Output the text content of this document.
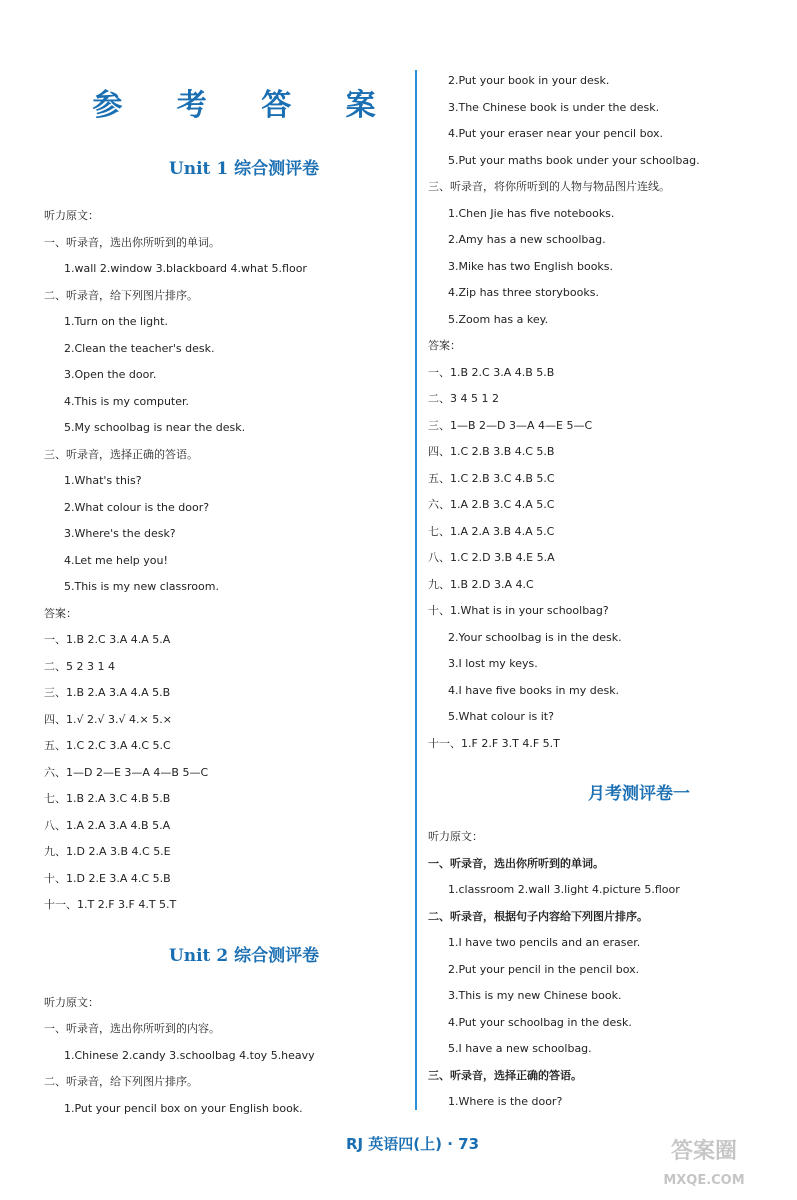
参 考 答 案
Unit 1 综合测评卷
听力原文：
一、听录音，选出你所听到的单词。
1.wall 2.window 3.blackboard 4.what 5.floor
二、听录音，给下列图片排序。
1.Turn on the light.
2.Clean the teacher's desk.
3.Open the door.
4.This is my computer.
5.My schoolbag is near the desk.
三、听录音，选择正确的答语。
1.What's this?
2.What colour is the door?
3.Where's the desk?
4.Let me help you!
5.This is my new classroom.
答案：
一、1.B 2.C 3.A 4.A 5.A
二、5 2 3 1 4
三、1.B 2.A 3.A 4.A 5.B
四、1.√ 2.√ 3.√ 4.× 5.×
五、1.C 2.C 3.A 4.C 5.C
六、1—D 2—E 3—A 4—B 5—C
七、1.B 2.A 3.C 4.B 5.B
八、1.A 2.A 3.A 4.B 5.A
九、1.D 2.A 3.B 4.C 5.E
十、1.D 2.E 3.A 4.C 5.B
十一、1.T 2.F 3.F 4.T 5.T
Unit 2 综合测评卷
听力原文：
一、听录音，选出你所听到的内容。
1.Chinese 2.candy 3.schoolbag 4.toy 5.heavy
二、听录音，给下列图片排序。
1.Put your pencil box on your English book.
2.Put your book in your desk.
3.The Chinese book is under the desk.
4.Put your eraser near your pencil box.
5.Put your maths book under your schoolbag.
三、听录音，将你所听到的人物与物品图片连线。
1.Chen Jie has five notebooks.
2.Amy has a new schoolbag.
3.Mike has two English books.
4.Zip has three storybooks.
5.Zoom has a key.
答案：
一、1.B 2.C 3.A 4.B 5.B
二、3 4 5 1 2
三、1—B 2—D 3—A 4—E 5—C
四、1.C 2.B 3.B 4.C 5.B
五、1.C 2.B 3.C 4.B 5.C
六、1.A 2.B 3.C 4.A 5.C
七、1.A 2.A 3.B 4.A 5.C
八、1.C 2.D 3.B 4.E 5.A
九、1.B 2.D 3.A 4.C
十、1.What is in your schoolbag?
2.Your schoolbag is in the desk.
3.I lost my keys.
4.I have five books in my desk.
5.What colour is it?
十一、1.F 2.F 3.T 4.F 5.T
月考测评卷一
听力原文：
一、听录音，选出你所听到的单词。
1.classroom 2.wall 3.light 4.picture 5.floor
二、听录音，根据句子内容给下列图片排序。
1.I have two pencils and an eraser.
2.Put your pencil in the pencil box.
3.This is my new Chinese book.
4.Put your schoolbag in the desk.
5.I have a new schoolbag.
三、听录音，选择正确的答语。
1.Where is the door?
RJ 英语四(上) · 73	答案圈
MXQE.COM
